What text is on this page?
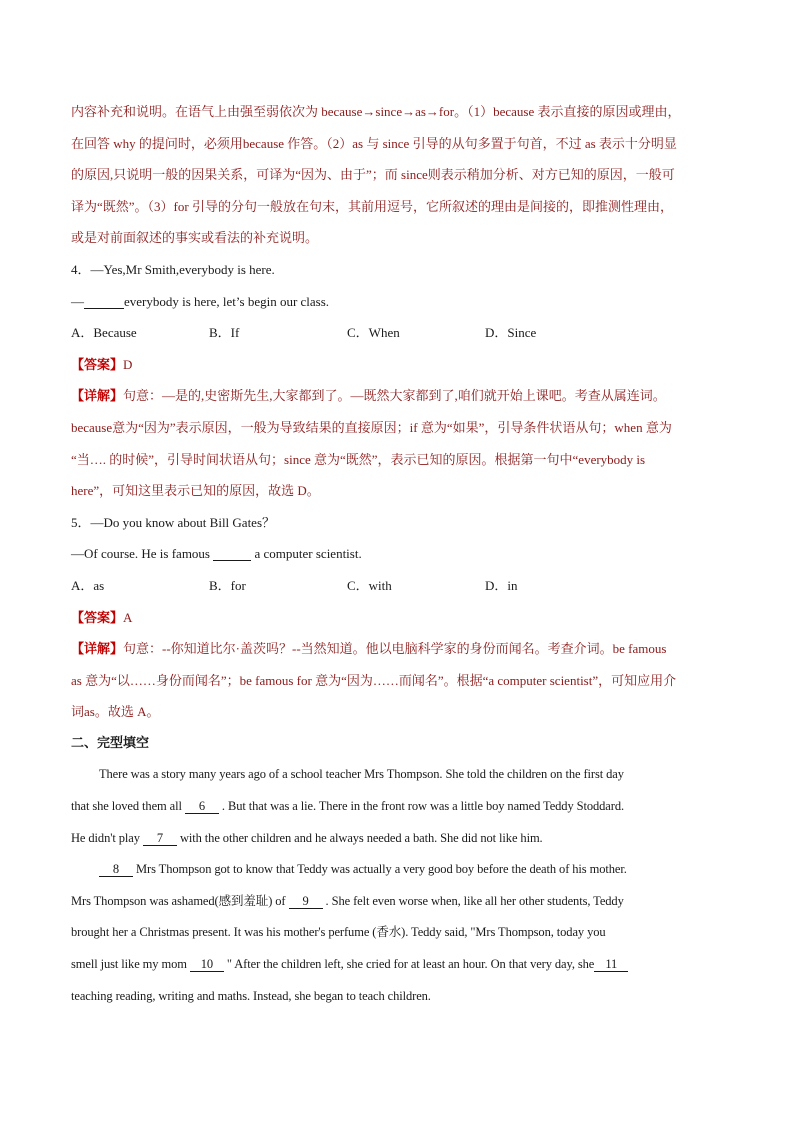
内容补充和说明。在语气上由强至弱依次为 because→since→as→for。（1）because 表示直接的原因或理由，
在回答 why 的提问时，必须用because 作答。（2）as 与 since 引导的从句多置于句首，不过 as 表示十分明显
的原因,只说明一般的因果关系，可译为“因为、由于”；而 since则表示稍加分析、对方已知的原因，一般可
译为“既然”。（3）for 引导的分句一般放在句末，其前用逗号，它所叙述的理由是间接的，即推测性理由，
或是对前面叙述的事实或看法的补充说明。
4．—Yes,Mr Smith,everybody is here.
—	everybody is here, let’s begin our class.
A．Because	B．If	C．When	D．Since
【答案】D
【详解】句意：—是的,史密斯先生,大家都到了。—既然大家都到了,咱们就开始上课吧。考查从属连词。
because意为“因为”表示原因，一般为导致结果的直接原因；if 意为“如果”，引导条件状语从句；when 意为
“当…. 的时候”，引导时间状语从句；since 意为“既然”，表示已知的原因。根据第一句中“everybody is
here”，可知这里表示已知的原因，故选 D。
5．—Do you know about Bill Gates？
—Of course. He is famous	a computer scientist.
A．as	B．for	C．with	D．in
【答案】A
【详解】句意：--你知道比尔·盖茨吗？--当然知道。他以电脑科学家的身份而闻名。考查介词。be famous
as 意为“以……身份而闻名”；be famous for 意为“因为……而闻名”。根据“a computer scientist”，可知应用介
词as。故选 A。
二、完型填空
There was a story many years ago of a school teacher Mrs Thompson. She told the children on the first day
that she loved them all 6 . But that was a lie. There in the front row was a little boy named Teddy Stoddard.
He didn't play 7 with the other children and he always needed a bath. She did not like him.
8 Mrs Thompson got to know that Teddy was actually a very good boy before the death of his mother.
Mrs Thompson was ashamed(感到羞耻) of 9 . She felt even worse when, like all her other students, Teddy
brought her a Christmas present. It was his mother's perfume (香水). Teddy said, "Mrs Thompson, today you
smell just like my mom 10 " After the children left, she cried for at least an hour. On that very day, she 11
teaching reading, writing and maths. Instead, she began to teach children.
